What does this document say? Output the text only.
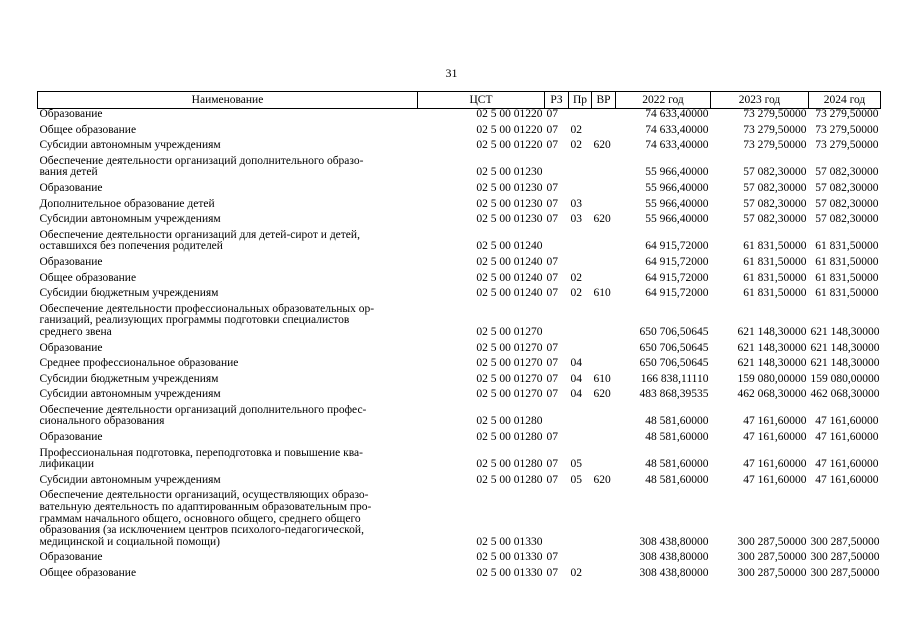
31
Наименование	ЦСТ	РЗ	Пр	ВР	2022 год	2023 год	2024 год
Образование	02 5 00 01220	07			74 633,40000	73 279,50000	73 279,50000
Общее образование	02 5 00 01220	07	02		74 633,40000	73 279,50000	73 279,50000
Субсидии автономным учреждениям	02 5 00 01220	07	02	620	74 633,40000	73 279,50000	73 279,50000
Обеспечение деятельности организаций дополнительного образо-
вания детей	02 5 00 01230				55 966,40000	57 082,30000	57 082,30000
Образование	02 5 00 01230	07			55 966,40000	57 082,30000	57 082,30000
Дополнительное образование детей	02 5 00 01230	07	03		55 966,40000	57 082,30000	57 082,30000
Субсидии автономным учреждениям	02 5 00 01230	07	03	620	55 966,40000	57 082,30000	57 082,30000
Обеспечение деятельности организаций для детей-сирот и детей,
оставшихся без попечения родителей	02 5 00 01240				64 915,72000	61 831,50000	61 831,50000
Образование	02 5 00 01240	07			64 915,72000	61 831,50000	61 831,50000
Общее образование	02 5 00 01240	07	02		64 915,72000	61 831,50000	61 831,50000
Субсидии бюджетным учреждениям	02 5 00 01240	07	02	610	64 915,72000	61 831,50000	61 831,50000
Обеспечение деятельности профессиональных образовательных ор-
ганизаций, реализующих программы подготовки специалистов
среднего звена	02 5 00 01270				650 706,50645	621 148,30000	621 148,30000
Образование	02 5 00 01270	07			650 706,50645	621 148,30000	621 148,30000
Среднее профессиональное образование	02 5 00 01270	07	04		650 706,50645	621 148,30000	621 148,30000
Субсидии бюджетным учреждениям	02 5 00 01270	07	04	610	166 838,11110	159 080,00000	159 080,00000
Субсидии автономным учреждениям	02 5 00 01270	07	04	620	483 868,39535	462 068,30000	462 068,30000
Обеспечение деятельности организаций дополнительного профес-
сионального образования	02 5 00 01280				48 581,60000	47 161,60000	47 161,60000
Образование	02 5 00 01280	07			48 581,60000	47 161,60000	47 161,60000
Профессиональная подготовка, переподготовка и повышение ква-
лификации	02 5 00 01280	07	05		48 581,60000	47 161,60000	47 161,60000
Субсидии автономным учреждениям	02 5 00 01280	07	05	620	48 581,60000	47 161,60000	47 161,60000
Обеспечение деятельности организаций, осуществляющих образо-
вательную деятельность по адаптированным образовательным про-
граммам начального общего, основного общего, среднего общего
образования (за исключением центров психолого-педагогической,
медицинской и социальной помощи)	02 5 00 01330				308 438,80000	300 287,50000	300 287,50000
Образование	02 5 00 01330	07			308 438,80000	300 287,50000	300 287,50000
Общее образование	02 5 00 01330	07	02		308 438,80000	300 287,50000	300 287,50000
